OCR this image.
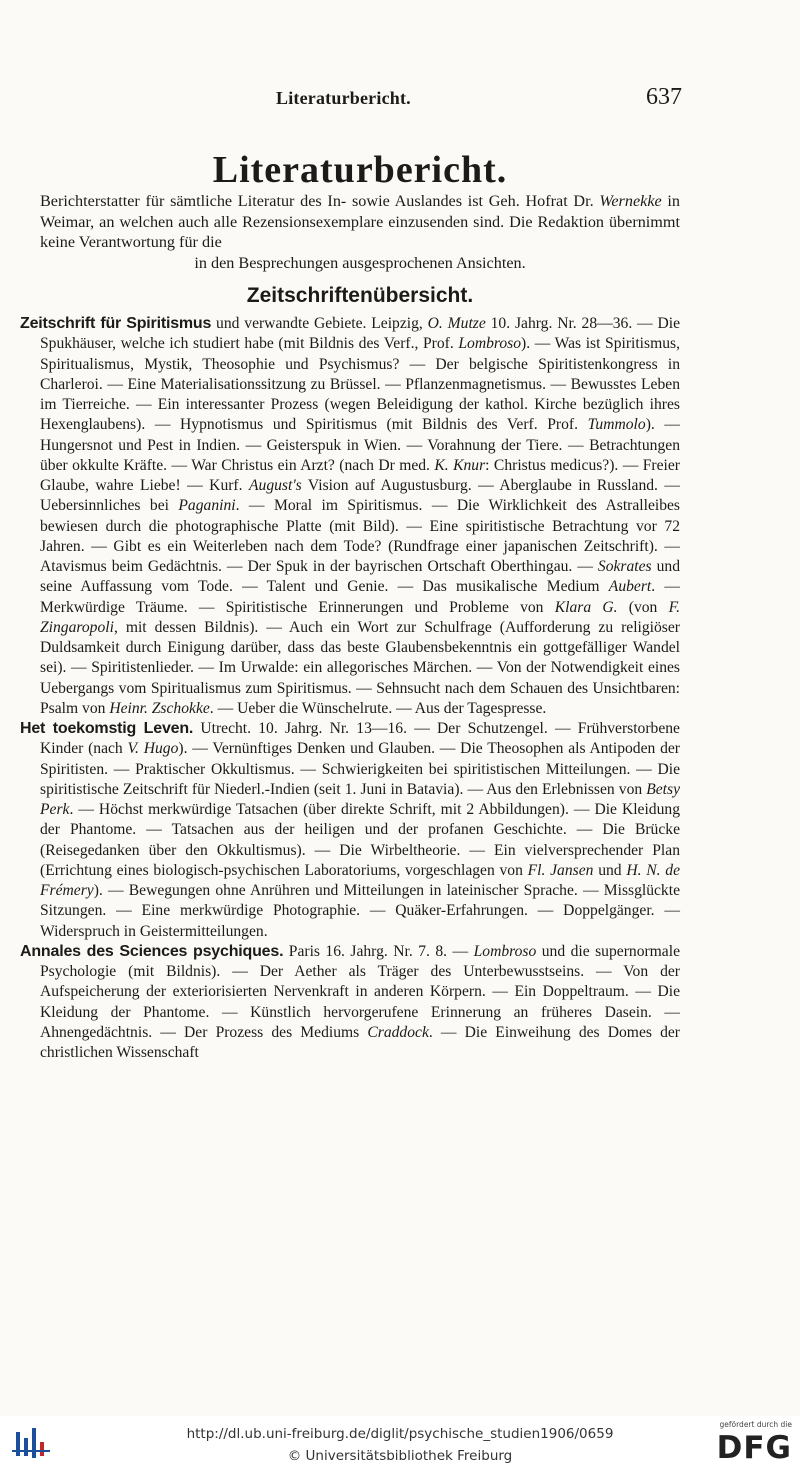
Literaturbericht.	637
Literaturbericht.
Berichterstatter für sämtliche Literatur des In- sowie Auslandes ist Geh. Hofrat Dr. Wernekke in Weimar, an welchen auch alle Rezensionsexemplare einzusenden sind. Die Redaktion übernimmt keine Verantwortung für die
in den Besprechungen ausgesprochenen Ansichten.
Zeitschriftenübersicht.

Zeitschrift für Spiritismus und verwandte Gebiete. Leipzig, O. Mutze 10. Jahrg. Nr. 28—36. — Die Spukhäuser, welche ich studiert habe (mit Bildnis des Verf., Prof. Lombroso). — Was ist Spiritismus, Spiritualismus, Mystik, Theosophie und Psychismus? — Der belgische Spiritistenkongress in Charleroi. — Eine Materialisationssitzung zu Brüssel. — Pflanzenmagnetismus. — Bewusstes Leben im Tierreiche. — Ein interessanter Prozess (wegen Beleidigung der kathol. Kirche bezüglich ihres Hexenglaubens). — Hypnotismus und Spiritismus (mit Bildnis des Verf. Prof. Tummolo). — Hungersnot und Pest in Indien. — Geisterspuk in Wien. — Vorahnung der Tiere. — Betrachtungen über okkulte Kräfte. — War Christus ein Arzt? (nach Dr med. K. Knur: Christus medicus?). — Freier Glaube, wahre Liebe! — Kurf. August's Vision auf Augustusburg. — Aberglaube in Russland. — Uebersinnliches bei Paganini. — Moral im Spiritismus. — Die Wirklichkeit des Astralleibes bewiesen durch die photographische Platte (mit Bild). — Eine spiritistische Betrachtung vor 72 Jahren. — Gibt es ein Weiterleben nach dem Tode? (Rundfrage einer japanischen Zeitschrift). — Atavismus beim Gedächtnis. — Der Spuk in der bayrischen Ortschaft Oberthingau. — Sokrates und seine Auffassung vom Tode. — Talent und Genie. — Das musikalische Medium Aubert. — Merkwürdige Träume. — Spiritistische Erinnerungen und Probleme von Klara G. (von F. Zingaropoli, mit dessen Bildnis). — Auch ein Wort zur Schulfrage (Aufforderung zu religiöser Duldsamkeit durch Einigung darüber, dass das beste Glaubensbekenntnis ein gottgefälliger Wandel sei). — Spiritistenlieder. — Im Urwalde: ein allegorisches Märchen. — Von der Notwendigkeit eines Uebergangs vom Spiritualismus zum Spiritismus. — Sehnsucht nach dem Schauen des Unsichtbaren: Psalm von Heinr. Zschokke. — Ueber die Wünschelrute. — Aus der Tagespresse.

Het toekomstig Leven. Utrecht. 10. Jahrg. Nr. 13—16. — Der Schutzengel. — Frühverstorbene Kinder (nach V. Hugo). — Vernünftiges Denken und Glauben. — Die Theosophen als Antipoden der Spiritisten. — Praktischer Okkultismus. — Schwierigkeiten bei spiritistischen Mitteilungen. — Die spiritistische Zeitschrift für Niederl.-Indien (seit 1. Juni in Batavia). — Aus den Erlebnissen von Betsy Perk. — Höchst merkwürdige Tatsachen (über direkte Schrift, mit 2 Abbildungen). — Die Kleidung der Phantome. — Tatsachen aus der heiligen und der profanen Geschichte. — Die Brücke (Reisegedanken über den Okkultismus). — Die Wirbeltheorie. — Ein vielversprechender Plan (Errichtung eines biologisch-psychischen Laboratoriums, vorgeschlagen von Fl. Jansen und H. N. de Frémery). — Bewegungen ohne Anrühren und Mitteilungen in lateinischer Sprache. — Missglückte Sitzungen. — Eine merkwürdige Photographie. — Quäker-Erfahrungen. — Doppelgänger. — Widerspruch in Geistermitteilungen.

Annales des Sciences psychiques. Paris 16. Jahrg. Nr. 7. 8. — Lombroso und die supernormale Psychologie (mit Bildnis). — Der Aether als Träger des Unterbewusstseins. — Von der Aufspeicherung der exteriorisierten Nervenkraft in anderen Körpern. — Ein Doppeltraum. — Die Kleidung der Phantome. — Künstlich hervorgerufene Erinnerung an früheres Dasein. — Ahnengedächtnis. — Der Prozess des Mediums Craddock. — Die Einweihung des Domes der christlichen Wissenschaft

http://dl.ub.uni-freiburg.de/diglit/psychische_studien1906/0659
© Universitätsbibliothek Freiburg
gefördert durch die
DFG
